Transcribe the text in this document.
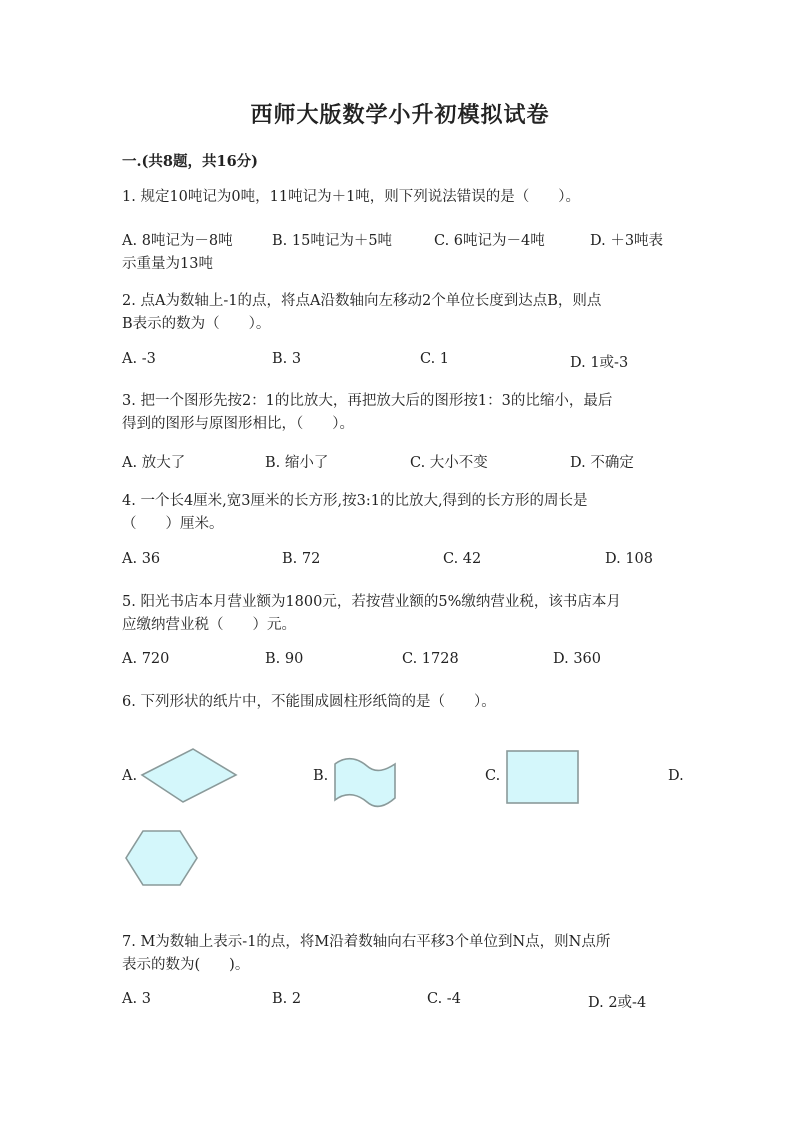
西师大版数学小升初模拟试卷
一.(共8题，共16分)
1. 规定10吨记为0吨，11吨记为＋1吨，则下列说法错误的是（　　）。
A. 8吨记为－8吨	B. 15吨记为＋5吨	C. 6吨记为－4吨	D. ＋3吨表
示重量为13吨
2. 点A为数轴上-1的点，将点A沿数轴向左移动2个单位长度到达点B，则点
B表示的数为（　　）。
A. -3	B. 3	C. 1	D. 1或-3
3. 把一个图形先按2：1的比放大，再把放大后的图形按1：3的比缩小，最后
得到的图形与原图形相比，（　　）。
A. 放大了	B. 缩小了	C. 大小不变	D. 不确定
4. 一个长4厘米,宽3厘米的长方形,按3:1的比放大,得到的长方形的周长是
（　　）厘米。
A. 36	B. 72	C. 42	D. 108
5. 阳光书店本月营业额为1800元，若按营业额的5%缴纳营业税，该书店本月
应缴纳营业税（　　）元。
A. 720	B. 90	C. 1728	D. 360
6. 下列形状的纸片中，不能围成圆柱形纸筒的是（　　）。
A.	B.	C.	D.
7. M为数轴上表示-1的点，将M沿着数轴向右平移3个单位到N点，则N点所
表示的数为(　　)。
A. 3	B. 2	C. -4	D. 2或-4
